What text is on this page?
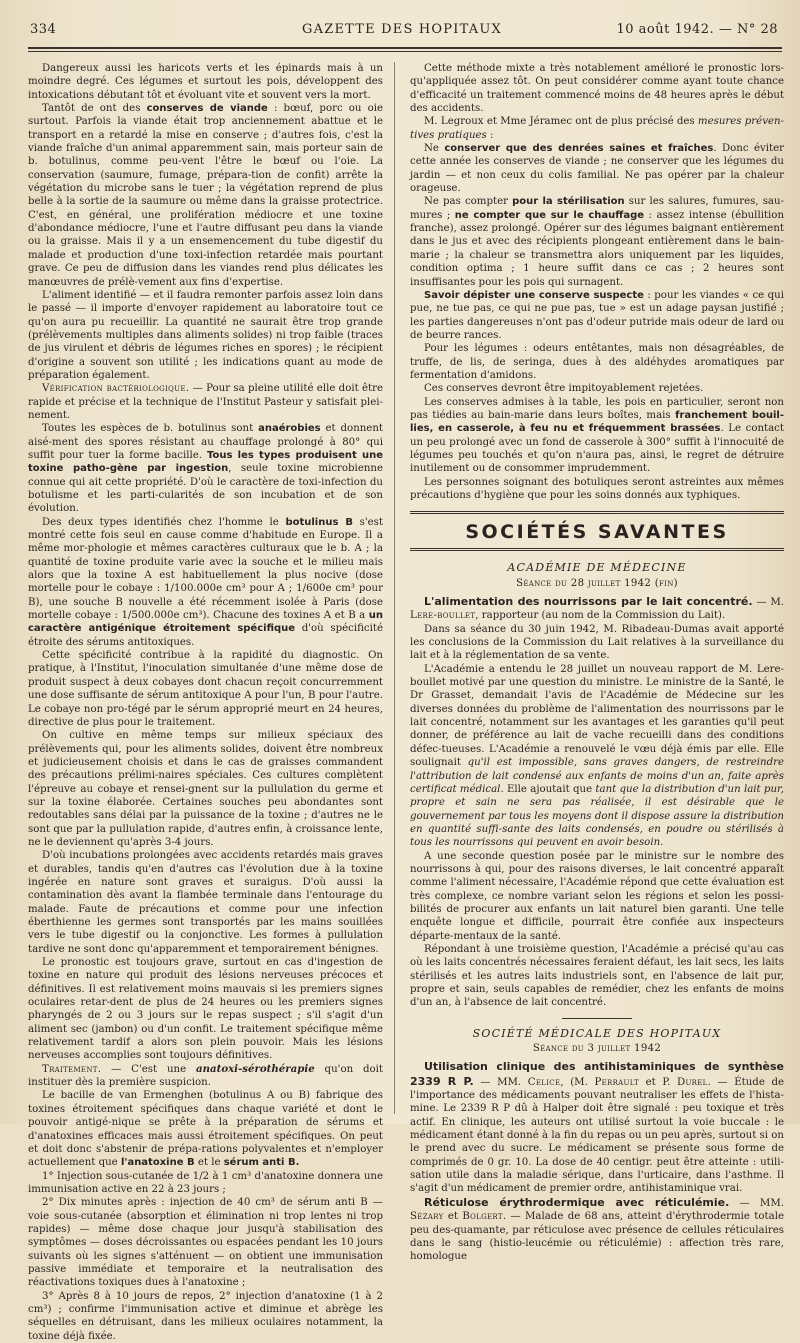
334	GAZETTE DES HOPITAUX	10 août 1942. — N° 28

Dangereux aussi les haricots verts et les épinards mais à un moindre degré. Ces légumes et surtout les pois, développent des intoxications débutant tôt et évoluant vite et souvent vers la mort.

Tantôt de ont des conserves de viande : bœuf, porc ou oie surtout. Parfois la viande était trop anciennement abattue et le transport en a retardé la mise en conserve ; d'autres fois, c'est la viande fraîche d'un animal apparemment sain, mais porteur sain de b. botulinus, comme peu-vent l'être le bœuf ou l'oie. La conservation (saumure, fumage, prépara-tion de confit) arrête la végétation du microbe sans le tuer ; la végétation reprend de plus belle à la sortie de la saumure ou même dans la graisse protectrice. C'est, en général, une prolifération médiocre et une toxine d'abondance médiocre, l'une et l'autre diffusant peu dans la viande ou la graisse. Mais il y a un ensemencement du tube digestif du malade et production d'une toxi-infection retardée mais pourtant grave. Ce peu de diffusion dans les viandes rend plus délicates les manœuvres de prélè-vement aux fins d'expertise.

L'aliment identifié — et il faudra remonter parfois assez loin dans le passé — il importe d'envoyer rapidement au laboratoire tout ce qu'on aura pu recueillir. La quantité ne saurait être trop grande (prélèvements multiples dans aliments solides) ni trop faible (traces de jus virulent et débris de légumes riches en spores) ; le récipient d'origine a souvent son utilité ; les indications quant au mode de préparation également.

Vérification bactériologique. — Pour sa pleine utilité elle doit être rapide et précise et la technique de l'Institut Pasteur y satisfait plei-nement.

Toutes les espèces de b. botulinus sont anaérobies et donnent aisé-ment des spores résistant au chauffage prolongé à 80° qui suffit pour tuer la forme bacille. Tous les types produisent une toxine patho-gène par ingestion, seule toxine microbienne connue qui ait cette propriété. D'où le caractère de toxi-infection du botulisme et les parti-cularités de son incubation et de son évolution.

Des deux types identifiés chez l'homme le botulinus B s'est montré cette fois seul en cause comme d'habitude en Europe. Il a même mor-phologie et mêmes caractères culturaux que le b. A ; la quantité de toxine produite varie avec la souche et le milieu mais alors que la toxine A est habituellement la plus nocive (dose mortelle pour le cobaye : 1/100.000e cm³ pour A ; 1/600e cm³ pour B), une souche B nouvelle a été récemment isolée à Paris (dose mortelle cobaye : 1/500.000e cm³). Chacune des toxines A et B a un caractère antigénique étroitement spécifique d'où spécificité étroite des sérums antitoxiques.

Cette spécificité contribue à la rapidité du diagnostic. On pratique, à l'Institut, l'inoculation simultanée d'une même dose de produit suspect à deux cobayes dont chacun reçoit concurremment une dose suffisante de sérum antitoxique A pour l'un, B pour l'autre. Le cobaye non pro-tégé par le sérum approprié meurt en 24 heures, directive de plus pour le traitement.

On cultive en même temps sur milieux spéciaux des prélèvements qui, pour les aliments solides, doivent être nombreux et judicieusement choisis et dans le cas de graisses commandent des précautions prélimi-naires spéciales. Ces cultures complètent l'épreuve au cobaye et rensei-gnent sur la pullulation du germe et sur la toxine élaborée. Certaines souches peu abondantes sont redoutables sans délai par la puissance de la toxine ; d'autres ne le sont que par la pullulation rapide, d'autres enfin, à croissance lente, ne le deviennent qu'après 3-4 jours.

D'où incubations prolongées avec accidents retardés mais graves et durables, tandis qu'en d'autres cas l'évolution due à la toxine ingérée en nature sont graves et suraigus. D'où aussi la contamination dès avant la flambée terminale dans l'entourage du malade. Faute de précautions et comme pour une infection éberthienne les germes sont transportés par les mains souillées vers le tube digestif ou la conjonctive. Les formes à pullulation tardive ne sont donc qu'apparemment et temporairement bénignes.

Le pronostic est toujours grave, surtout en cas d'ingestion de toxine en nature qui produit des lésions nerveuses précoces et définitives. Il est relativement moins mauvais si les premiers signes oculaires retar-dent de plus de 24 heures ou les premiers signes pharyngés de 2 ou 3 jours sur le repas suspect ; s'il s'agit d'un aliment sec (jambon) ou d'un confit. Le traitement spécifique même relativement tardif a alors son plein pouvoir. Mais les lésions nerveuses accomplies sont toujours définitives.

Traitement. — C'est une anatoxi-sérothérapie qu'on doit instituer dès la première suspicion.

Le bacille de van Ermenghen (botulinus A ou B) fabrique des toxines étroitement spécifiques dans chaque variété et dont le pouvoir antigé-nique se prête à la préparation de sérums et d'anatoxines efficaces mais aussi étroitement spécifiques. On peut et doit donc s'abstenir de prépa-rations polyvalentes et n'employer actuellement que l'anatoxine B et le sérum anti B.

1° Injection sous-cutanée de 1/2 à 1 cm³ d'anatoxine donnera une immunisation active en 22 à 23 jours ;

2° Dix minutes après : injection de 40 cm³ de sérum anti B — voie sous-cutanée (absorption et élimination ni trop lentes ni trop rapides) — même dose chaque jour jusqu'à stabilisation des symptômes — doses décroissantes ou espacées pendant les 10 jours suivants où les signes s'atténuent — on obtient une immunisation passive immédiate et temporaire et la neutralisation des réactivations toxiques dues à l'anatoxine ;

3° Après 8 à 10 jours de repos, 2° injection d'anatoxine (1 à 2 cm³) ; confirme l'immunisation active et diminue et abrège les séquelles en détruisant, dans les milieux oculaires notamment, la toxine déjà fixée.

Cette méthode mixte a très notablement amélioré le pronostic lors-qu'appliquée assez tôt. On peut considérer comme ayant toute chance d'efficacité un traitement commencé moins de 48 heures après le début des accidents.

M. Legroux et Mme Jéramec ont de plus précisé des mesures préven-tives pratiques :

Ne conserver que des denrées saines et fraîches. Donc éviter cette année les conserves de viande ; ne conserver que les légumes du jardin — et non ceux du colis familial. Ne pas opérer par la chaleur orageuse.

Ne pas compter pour la stérilisation sur les salures, fumures, sau-mures ; ne compter que sur le chauffage : assez intense (ébullition franche), assez prolongé. Opérer sur des légumes baignant entièrement dans le jus et avec des récipients plongeant entièrement dans le bain-marie ; la chaleur se transmettra alors uniquement par les liquides, condition optima ; 1 heure suffit dans ce cas ; 2 heures sont insuffisantes pour les pois qui surnagent.

Savoir dépister une conserve suspecte : pour les viandes « ce qui pue, ne tue pas, ce qui ne pue pas, tue » est un adage paysan justifié ; les parties dangereuses n'ont pas d'odeur putride mais odeur de lard ou de beurre rances.

Pour les légumes : odeurs entêtantes, mais non désagréables, de truffe, de lis, de seringa, dues à des aldéhydes aromatiques par fermentation d'amidons.

Ces conserves devront être impitoyablement rejetées.

Les conserves admises à la table, les pois en particulier, seront non pas tiédies au bain-marie dans leurs boîtes, mais franchement bouil-lies, en casserole, à feu nu et fréquemment brassées. Le contact un peu prolongé avec un fond de casserole à 300° suffit à l'innocuité de légumes peu touchés et qu'on n'aura pas, ainsi, le regret de détruire inutilement ou de consommer imprudemment.

Les personnes soignant des botuliques seront astreintes aux mêmes précautions d'hygiène que pour les soins donnés aux typhiques.

SOCIÉTÉS SAVANTES
ACADÉMIE DE MÉDECINE
Séance du 28 juillet 1942 (fin)

L'alimentation des nourrissons par le lait concentré. — M. Lere-boullet, rapporteur (au nom de la Commission du Lait).

Dans sa séance du 30 juin 1942, M. Ribadeau-Dumas avait apporté les conclusions de la Commission du Lait relatives à la surveillance du lait et à la réglementation de sa vente.

L'Académie a entendu le 28 juillet un nouveau rapport de M. Lere-boullet motivé par une question du ministre. Le ministre de la Santé, le Dr Grasset, demandait l'avis de l'Académie de Médecine sur les diverses données du problème de l'alimentation des nourrissons par le lait concentré, notamment sur les avantages et les garanties qu'il peut donner, de préférence au lait de vache recueilli dans des conditions défec-tueuses. L'Académie a renouvelé le vœu déjà émis par elle. Elle soulignait qu'il est impossible, sans graves dangers, de restreindre l'attribution de lait condensé aux enfants de moins d'un an, faite après certificat médical. Elle ajoutait que tant que la distribution d'un lait pur, propre et sain ne sera pas réalisée, il est désirable que le gouvernement par tous les moyens dont il dispose assure la distribution en quantité suffi-sante des laits condensés, en poudre ou stérilisés à tous les nourrissons qui peuvent en avoir besoin.

A une seconde question posée par le ministre sur le nombre des nourrissons à qui, pour des raisons diverses, le lait concentré apparaît comme l'aliment nécessaire, l'Académie répond que cette évaluation est très complexe, ce nombre variant selon les régions et selon les possi-bilités de procurer aux enfants un lait naturel bien garanti. Une telle enquête longue et difficile, pourrait être confiée aux inspecteurs départe-mentaux de la santé.

Répondant à une troisième question, l'Académie a précisé qu'au cas où les laits concentrés nécessaires feraient défaut, les lait secs, les laits stérilisés et les autres laits industriels sont, en l'absence de lait pur, propre et sain, seuls capables de remédier, chez les enfants de moins d'un an, à l'absence de lait concentré.

SOCIÉTÉ MÉDICALE DES HOPITAUX
Séance du 3 juillet 1942

Utilisation clinique des antihistaminiques de synthèse 2339 R P. — MM. Celice, (M. Perrault et P. Durel. — Étude de l'importance des médicaments pouvant neutraliser les effets de l'hista-mine. Le 2339 R P dû à Halper doit être signalé : peu toxique et très actif. En clinique, les auteurs ont utilisé surtout la voie buccale : le médicament étant donné à la fin du repas ou un peu après, surtout si on le prend avec du sucre. Le médicament se présente sous forme de comprimés de 0 gr. 10. La dose de 40 centigr. peut être atteinte : utili-sation utile dans la maladie sérique, dans l'urticaire, dans l'asthme. Il s'agit d'un médicament de premier ordre, antihistaminique vrai.

Réticulose érythrodermique avec réticulémie. — MM. Sézary et Bolgert. — Malade de 68 ans, atteint d'érythrodermie totale peu des-quamante, par réticulose avec présence de cellules réticulaires dans le sang (histio-leucémie ou réticulémie) : affection très rare, homologue
